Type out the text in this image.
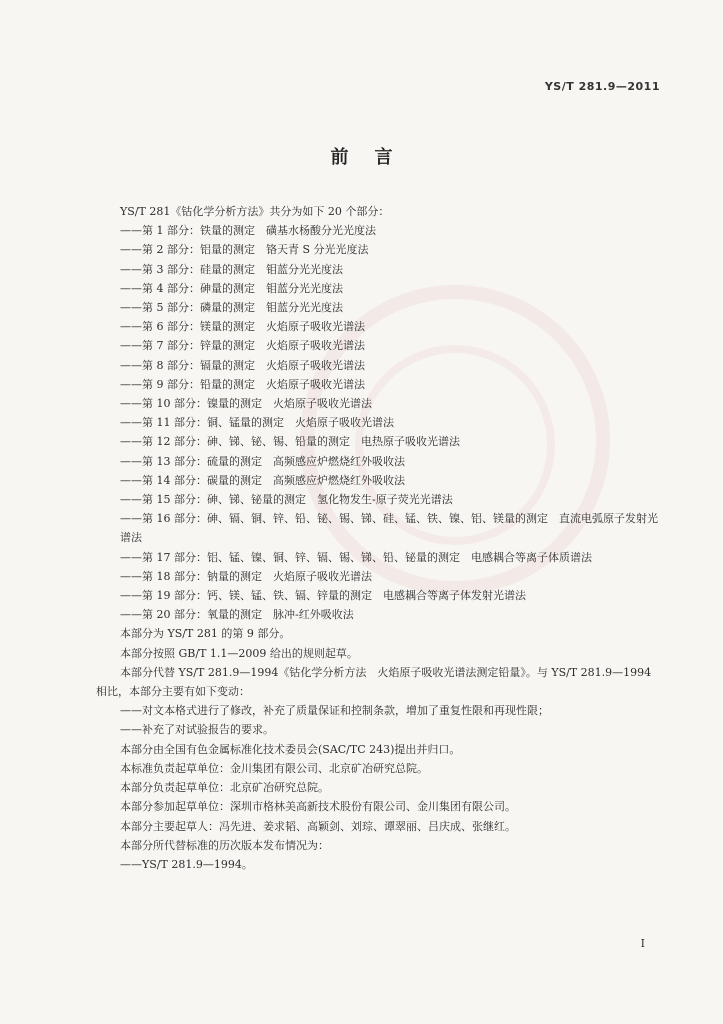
YS/T 281.9—2011
前言
YS/T 281《钴化学分析方法》共分为如下 20 个部分：
——第 1 部分：铁量的测定　磺基水杨酸分光光度法
——第 2 部分：铝量的测定　铬天青 S 分光光度法
——第 3 部分：硅量的测定　钼蓝分光光度法
——第 4 部分：砷量的测定　钼蓝分光光度法
——第 5 部分：磷量的测定　钼蓝分光光度法
——第 6 部分：镁量的测定　火焰原子吸收光谱法
——第 7 部分：锌量的测定　火焰原子吸收光谱法
——第 8 部分：镉量的测定　火焰原子吸收光谱法
——第 9 部分：铅量的测定　火焰原子吸收光谱法
——第 10 部分：镍量的测定　火焰原子吸收光谱法
——第 11 部分：铜、锰量的测定　火焰原子吸收光谱法
——第 12 部分：砷、锑、铋、锡、铅量的测定　电热原子吸收光谱法
——第 13 部分：硫量的测定　高频感应炉燃烧红外吸收法
——第 14 部分：碳量的测定　高频感应炉燃烧红外吸收法
——第 15 部分：砷、锑、铋量的测定　氢化物发生-原子荧光光谱法
——第 16 部分：砷、镉、铜、锌、铅、铋、锡、锑、硅、锰、铁、镍、铝、镁量的测定　直流电弧原子发射光谱法
——第 17 部分：铝、锰、镍、铜、锌、镉、锡、锑、铅、铋量的测定　电感耦合等离子体质谱法
——第 18 部分：钠量的测定　火焰原子吸收光谱法
——第 19 部分：钙、镁、锰、铁、镉、锌量的测定　电感耦合等离子体发射光谱法
——第 20 部分：氧量的测定　脉冲-红外吸收法
本部分为 YS/T 281 的第 9 部分。
本部分按照 GB/T 1.1—2009 给出的规则起草。
本部分代替 YS/T 281.9—1994《钴化学分析方法　火焰原子吸收光谱法测定铅量》。与 YS/T 281.9—1994 相比，本部分主要有如下变动：
——对文本格式进行了修改，补充了质量保证和控制条款，增加了重复性限和再现性限；
——补充了对试验报告的要求。
本部分由全国有色金属标准化技术委员会(SAC/TC 243)提出并归口。
本标准负责起草单位：金川集团有限公司、北京矿冶研究总院。
本部分负责起草单位：北京矿冶研究总院。
本部分参加起草单位：深圳市格林美高新技术股份有限公司、金川集团有限公司。
本部分主要起草人：冯先进、姜求韬、高颖剑、刘琮、谭翠丽、吕庆成、张继红。
本部分所代替标准的历次版本发布情况为：
——YS/T 281.9—1994。
I
